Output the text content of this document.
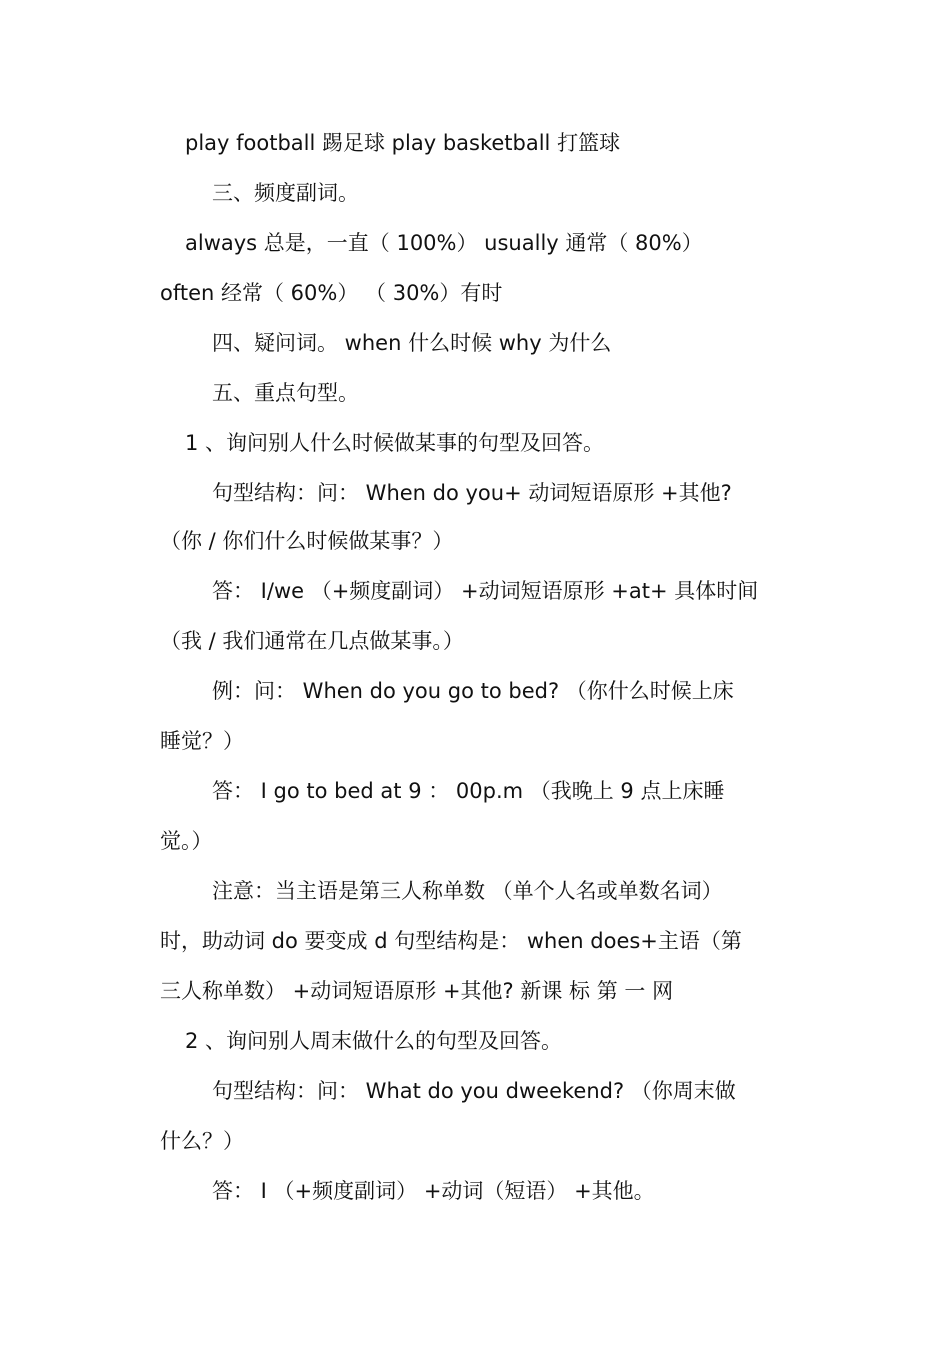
play football 踢足球 play basketball 打篮球
三、频度副词。
always 总是，一直（ 100%） usually 通常（ 80%）
often 经常（ 60%） （ 30%）有时
四、疑问词。 when 什么时候 why 为什么
五、重点句型。
1 、询问别人什么时候做某事的句型及回答。
句型结构：问： When do you+ 动词短语原形 +其他?
（你 / 你们什么时候做某事？）
答： I/we （+频度副词） +动词短语原形 +at+ 具体时间
（我 / 我们通常在几点做某事。）
例：问： When do you go to bed? （你什么时候上床
睡觉？）
答： I go to bed at 9 ： 00p.m （我晚上 9 点上床睡
觉。）
注意：当主语是第三人称单数 （单个人名或单数名词）
时，助动词 do 要变成 d 句型结构是： when does+主语（第
三人称单数） +动词短语原形 +其他? 新课 标 第 一 网
2 、询问别人周末做什么的句型及回答。
句型结构：问： What do you dweekend? （你周末做
什么？）
答： I （+频度副词） +动词（短语） +其他。
